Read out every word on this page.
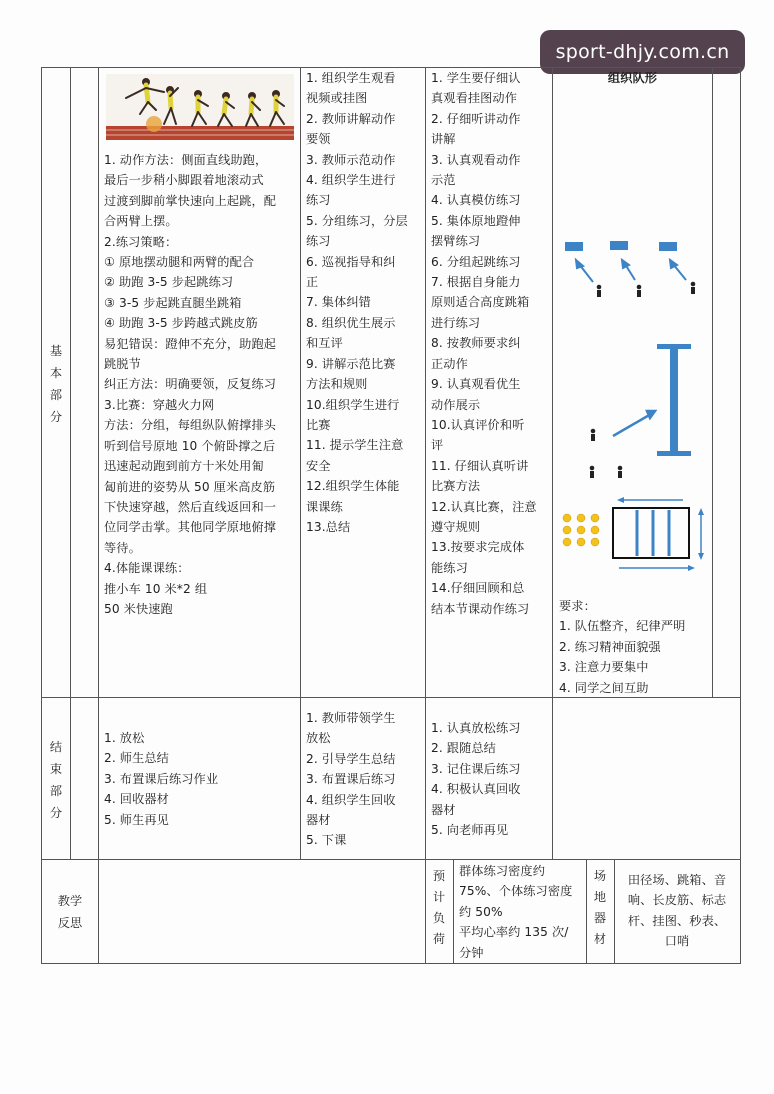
sport-dhjy.com.cn
基
本
部
分
1. 动作方法：侧面直线助跑，
最后一步稍小脚跟着地滚动式
过渡到脚前掌快速向上起跳，配
合两臂上摆。
2.练习策略：
① 原地摆动腿和两臂的配合
② 助跑 3-5 步起跳练习
③ 3-5 步起跳直腿坐跳箱
④ 助跑 3-5 步跨越式跳皮筋
易犯错误：蹬伸不充分，助跑起
跳脱节
纠正方法：明确要领，反复练习
3.比赛：穿越火力网
方法：分组，每组纵队俯撑排头
听到信号原地 10 个俯卧撑之后
迅速起动跑到前方十米处用匍
匐前进的姿势从 50 厘米高皮筋
下快速穿越，然后直线返回和一
位同学击掌。其他同学原地俯撑
等待。
4.体能课课练：
推小车 10 米*2 组
50 米快速跑
1. 组织学生观看
视频或挂图
2. 教师讲解动作
要领
3. 教师示范动作
4. 组织学生进行
练习
5. 分组练习，分层
练习
6. 巡视指导和纠
正
7. 集体纠错
8. 组织优生展示
和互评
9. 讲解示范比赛
方法和规则
10.组织学生进行
比赛
11. 提示学生注意
安全
12.组织学生体能
课课练
13.总结
1. 学生要仔细认
真观看挂图动作
2. 仔细听讲动作
讲解
3. 认真观看动作
示范
4. 认真模仿练习
5. 集体原地蹬伸
摆臂练习
6. 分组起跳练习
7. 根据自身能力
原则适合高度跳箱
进行练习
8. 按教师要求纠
正动作
9. 认真观看优生
动作展示
10.认真评价和听
评
11. 仔细认真听讲
比赛方法
12.认真比赛，注意
遵守规则
13.按要求完成体
能练习
14.仔细回顾和总
结本节课动作练习
组织队形
要求：
1. 队伍整齐，纪律严明
2. 练习精神面貌强
3. 注意力要集中
4. 同学之间互助
结
束
部
分
1. 放松
2. 师生总结
3. 布置课后练习作业
4. 回收器材
5. 师生再见
1. 教师带领学生
放松
2. 引导学生总结
3. 布置课后练习
4. 组织学生回收
器材
5. 下课
1. 认真放松练习
2. 跟随总结
3. 记住课后练习
4. 积极认真回收
器材
5. 向老师再见
教学
反思
预
计
负
荷
群体练习密度约
75%、个体练习密度
约 50%
平均心率约 135 次/
分钟
场
地
器
材
田径场、跳箱、音
响、长皮筋、标志
杆、挂图、秒表、
口哨
